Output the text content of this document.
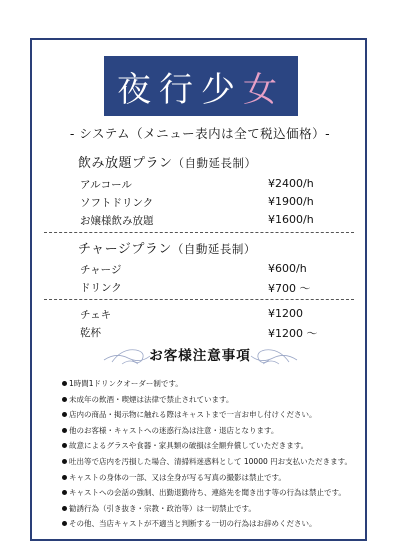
夜行少女
- システム（メニュー表内は全て税込価格）-
飲み放題プラン（自動延長制）
アルコール	¥2400/h
ソフトドリンク	¥1900/h
お嬢様飲み放題	¥1600/h
チャージプラン（自動延長制）
チャージ	¥600/h
ドリンク	¥700 〜
チェキ	¥1200
乾杯	¥1200 〜
お客様注意事項
1時間1ドリンクオーダー制です。
未成年の飲酒・喫煙は法律で禁止されています。
店内の商品・掲示物に触れる際はキャストまで一言お申し付けください。
他のお客様・キャストへの迷惑行為は注意・退店となります。
故意によるグラスや食器・家具類の破損は全額弁償していただきます。
吐出等で店内を汚損した場合、清掃料迷惑料として 10000 円お支払いただきます。
キャストの身体の一部、又は全身が写る写真の撮影は禁止です。
キャストへの会話の強制、出勤退勤待ち、連絡先を聞き出す等の行為は禁止です。
勧誘行為（引き抜き・宗教・政治等）は一切禁止です。
その他、当店キャストが不適当と判断する一切の行為はお辞めください。
